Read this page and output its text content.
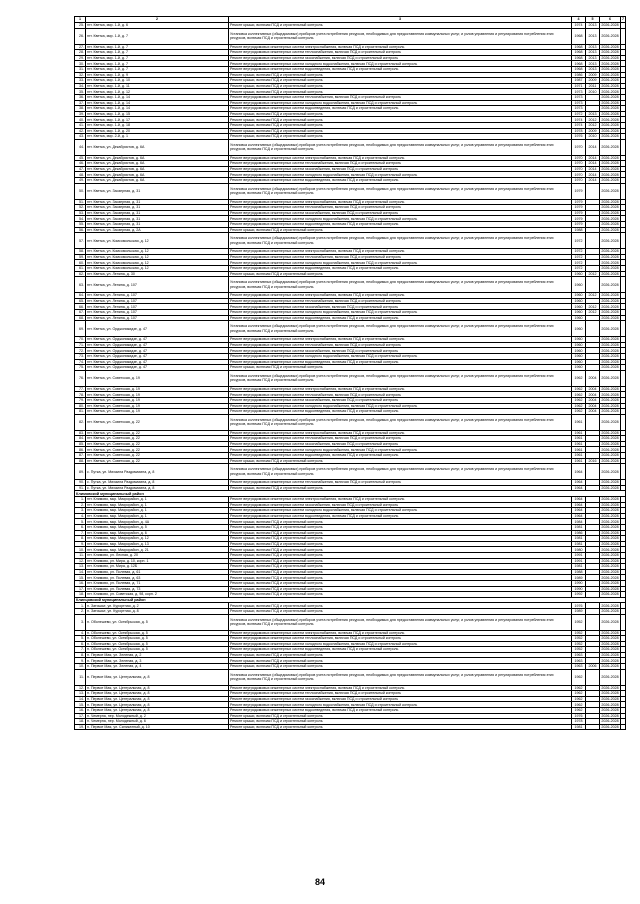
1	2	3	4	5	6	7
25.	пгт. Кветка, мкр. 1-й, д. 6	Ремонт крыши, включая ПСД и строительный контроль	1974	2013	2026-2028	
26.	пгт. Кветка, мкр. 1-й, д. 7	Установка коллективных (общедомовых) приборов учета потребления ресурсов, необходимых для предоставления коммунальных услуг, и узлов управления и регулирования потребления этих ресурсов, включая ПСД и строительный контроль	1968	2013	2026-2028	
27.	пгт. Кветка, мкр. 1-й, д. 7	Ремонт внутридомовых инженерных систем электроснабжения, включая ПСД и строительный контроль	1968	2013	2026-2028	
28.	пгт. Кветка, мкр. 1-й, д. 7	Ремонт внутридомовых инженерных систем теплоснабжения, включая ПСД и строительный контроль	1968	2013	2026-2028	
29.	пгт. Кветка, мкр. 1-й, д. 7	Ремонт внутридомовых инженерных систем газоснабжения, включая ПСД и строительный контроль	1968	2013	2026-2028	
30.	пгт. Кветка, мкр. 1-й, д. 7	Ремонт внутридомовых инженерных систем холодного водоснабжения, включая ПСД и строительный контроль	1968	2013	2026-2028	
31.	пгт. Кветка, мкр. 1-й, д. 7	Ремонт внутридомовых инженерных систем водоотведения, включая ПСД и строительный контроль	1968	2013	2026-2028	
32.	пгт. Кветка, мкр. 1-й, д. 9	Ремонт крыши, включая ПСД и строительный контроль	1986	2009	2026-2028	
33.	пгт. Кветка, мкр. 1-й, д. 10	Ремонт крыши, включая ПСД и строительный контроль	1987	2009	2026-2028	
34.	пгт. Кветка, мкр. 1-й, д. 11	Ремонт крыши, включая ПСД и строительный контроль	1971	2011	2026-2028	
35.	пгт. Кветка, мкр. 1-й, д. 12	Ремонт крыши, включая ПСД и строительный контроль	1973	2010	2026-2028	
36.	пгт. Кветка, мкр. 1-й, д. 14	Ремонт внутридомовых инженерных систем теплоснабжения, включая ПСД и строительный контроль	1973		2026-2028	
37.	пгт. Кветка, мкр. 1-й, д. 14	Ремонт внутридомовых инженерных систем холодного водоснабжения, включая ПСД и строительный контроль	1973		2026-2028	
38.	пгт. Кветка, мкр. 1-й, д. 14	Ремонт внутридомовых инженерных систем водоотведения, включая ПСД и строительный контроль	1973		2026-2028	
39.	пгт. Кветка, мкр. 1-й, д. 15	Ремонт крыши, включая ПСД и строительный контроль	1972	2013	2026-2028	
40.	пгт. Кветка, мкр. 1-й, д. 17	Ремонт крыши, включая ПСД и строительный контроль	1974	2012	2026-2028	
41.	пгт. Кветка, мкр. 1-й, д. 18	Ремонт крыши, включая ПСД и строительный контроль	1974	2012	2026-2028	
42.	пгт. Кветка, мкр. 1-й, д. 20	Ремонт крыши, включая ПСД и строительный контроль	1978	2009	2026-2028	
43.	пгт. Кветка, мкр. 2-й, д. 1	Ремонт крыши, включая ПСД и строительный контроль	1976	2010	2026-2028	
44.	пгт. Кветка, ул. Декабристов, д. 6А	Установка коллективных (общедомовых) приборов учета потребления ресурсов, необходимых для предоставления коммунальных услуг, и узлов управления и регулирования потребления этих ресурсов, включая ПСД и строительный контроль	1970	2014	2026-2028	
45.	пгт. Кветка, ул. Декабристов, д. 6А	Ремонт внутридомовых инженерных систем электроснабжения, включая ПСД и строительный контроль	1970	2014	2026-2028	
46.	пгт. Кветка, ул. Декабристов, д. 6А	Ремонт внутридомовых инженерных систем теплоснабжения, включая ПСД и строительный контроль	1970	2014	2026-2028	
47.	пгт. Кветка, ул. Декабристов, д. 6А	Ремонт внутридомовых инженерных систем газоснабжения, включая ПСД и строительный контроль	1970	2014	2026-2028	
48.	пгт. Кветка, ул. Декабристов, д. 6А	Ремонт внутридомовых инженерных систем холодного водоснабжения, включая ПСД и строительный контроль	1970	2014	2026-2028	
49.	пгт. Кветка, ул. Декабристов, д. 6А	Ремонт внутридомовых инженерных систем водоотведения, включая ПСД и строительный контроль	1970	2014	2026-2028	
50.	пгт. Кветка, ул. Заозерная, д. 31	Установка коллективных (общедомовых) приборов учета потребления ресурсов, необходимых для предоставления коммунальных услуг, и узлов управления и регулирования потребления этих ресурсов, включая ПСД и строительный контроль	1979		2026-2028	
51.	пгт. Кветка, ул. Заозерная, д. 31	Ремонт внутридомовых инженерных систем электроснабжения, включая ПСД и строительный контроль	1979		2026-2028	
52.	пгт. Кветка, ул. Заозерная, д. 31	Ремонт внутридомовых инженерных систем теплоснабжения, включая ПСД и строительный контроль	1979		2026-2028	
53.	пгт. Кветка, ул. Заозерная, д. 31	Ремонт внутридомовых инженерных систем газоснабжения, включая ПСД и строительный контроль	1979		2026-2028	
54.	пгт. Кветка, ул. Заозерная, д. 31	Ремонт внутридомовых инженерных систем холодного водоснабжения, включая ПСД и строительный контроль	1979		2026-2028	
55.	пгт. Кветка, ул. Заозерная, д. 31	Ремонт внутридомовых инженерных систем водоотведения, включая ПСД и строительный контроль	1979		2026-2028	
56.	пгт. Кветка, ул. Заозерная, д. 2А	Ремонт крыши, включая ПСД и строительный контроль	1988		2026-2028	
57.	пгт. Кветка, ул. Комсомольская, д. 12	Установка коллективных (общедомовых) приборов учета потребления ресурсов, необходимых для предоставления коммунальных услуг, и узлов управления и регулирования потребления этих ресурсов, включая ПСД и строительный контроль	1972		2026-2028	
58.	пгт. Кветка, ул. Комсомольская, д. 12	Ремонт внутридомовых инженерных систем электроснабжения, включая ПСД и строительный контроль	1972		2026-2028	
59.	пгт. Кветка, ул. Комсомольская, д. 12	Ремонт внутридомовых инженерных систем теплоснабжения, включая ПСД и строительный контроль	1972		2026-2028	
60.	пгт. Кветка, ул. Комсомольская, д. 12	Ремонт внутридомовых инженерных систем холодного водоснабжения, включая ПСД и строительный контроль	1972		2026-2028	
61.	пгт. Кветка, ул. Комсомольская, д. 12	Ремонт внутридомовых инженерных систем водоотведения, включая ПСД и строительный контроль	1972		2026-2028	
62.	пгт. Кветка, ул. Ленина, д. 30	Ремонт крыши, включая ПСД и строительный контроль	1960	2012	2026-2028	
63.	пгт. Кветка, ул. Ленина, д. 107	Установка коллективных (общедомовых) приборов учета потребления ресурсов, необходимых для предоставления коммунальных услуг, и узлов управления и регулирования потребления этих ресурсов, включая ПСД и строительный контроль	1960		2026-2028	
64.	пгт. Кветка, ул. Ленина, д. 107	Ремонт внутридомовых инженерных систем электроснабжения, включая ПСД и строительный контроль	1960	2012	2026-2028	
65.	пгт. Кветка, ул. Ленина, д. 107	Ремонт внутридомовых инженерных систем теплоснабжения, включая ПСД и строительный контроль	1960		2026-2028	
66.	пгт. Кветка, ул. Ленина, д. 107	Ремонт внутридомовых инженерных систем газоснабжения, включая ПСД и строительный контроль	1960	2012	2026-2028	
67.	пгт. Кветка, ул. Ленина, д. 107	Ремонт внутридомовых инженерных систем холодного водоснабжения, включая ПСД и строительный контроль	1960	2012	2026-2028	
68.	пгт. Кветка, ул. Ленина, д. 107	Ремонт внутридомовых инженерных систем водоотведения, включая ПСД и строительный контроль	1960		2026-2028	
69.	пгт. Кветка, ул. Орджоникидзе, д. 47	Установка коллективных (общедомовых) приборов учета потребления ресурсов, необходимых для предоставления коммунальных услуг, и узлов управления и регулирования потребления этих ресурсов, включая ПСД и строительный контроль	1960		2026-2028	
70.	пгт. Кветка, ул. Орджоникидзе, д. 47	Ремонт внутридомовых инженерных систем электроснабжения, включая ПСД и строительный контроль	1960		2026-2028	
71.	пгт. Кветка, ул. Орджоникидзе, д. 47	Ремонт внутридомовых инженерных систем теплоснабжения, включая ПСД и строительный контроль	1960		2026-2028	
72.	пгт. Кветка, ул. Орджоникидзе, д. 47	Ремонт внутридомовых инженерных систем газоснабжения, включая ПСД и строительный контроль	1960		2026-2028	
73.	пгт. Кветка, ул. Орджоникидзе, д. 47	Ремонт внутридомовых инженерных систем холодного водоснабжения, включая ПСД и строительный контроль	1960		2026-2028	
74.	пгт. Кветка, ул. Орджоникидзе, д. 47	Ремонт внутридомовых инженерных систем водоотведения, включая ПСД и строительный контроль	1960		2026-2028	
75.	пгт. Кветка, ул. Орджоникидзе, д. 47	Ремонт крыши, включая ПСД и строительный контроль	1960		2026-2028	
76.	пгт. Кветка, ул. Советская, д. 19	Установка коллективных (общедомовых) приборов учета потребления ресурсов, необходимых для предоставления коммунальных услуг, и узлов управления и регулирования потребления этих ресурсов, включая ПСД и строительный контроль	1962	2004	2026-2028	
77.	пгт. Кветка, ул. Советская, д. 19	Ремонт внутридомовых инженерных систем электроснабжения, включая ПСД и строительный контроль	1962	2004	2026-2028	
78.	пгт. Кветка, ул. Советская, д. 19	Ремонт внутридомовых инженерных систем теплоснабжения, включая ПСД и строительный контроль	1962	2004	2026-2028	
79.	пгт. Кветка, ул. Советская, д. 19	Ремонт внутридомовых инженерных систем газоснабжения, включая ПСД и строительный контроль	1962	2004	2026-2028	
80.	пгт. Кветка, ул. Советская, д. 19	Ремонт внутридомовых инженерных систем холодного водоснабжения, включая ПСД и строительный контроль	1962	2004	2026-2028	
81.	пгт. Кветка, ул. Советская, д. 19	Ремонт внутридомовых инженерных систем водоотведения, включая ПСД и строительный контроль	1962	2004	2026-2028	
82.	пгт. Кветка, ул. Советская, д. 22	Установка коллективных (общедомовых) приборов учета потребления ресурсов, необходимых для предоставления коммунальных услуг, и узлов управления и регулирования потребления этих ресурсов, включая ПСД и строительный контроль	1961		2026-2028	
83.	пгт. Кветка, ул. Советская, д. 22	Ремонт внутридомовых инженерных систем электроснабжения, включая ПСД и строительный контроль	1961		2026-2028	
84.	пгт. Кветка, ул. Советская, д. 22	Ремонт внутридомовых инженерных систем теплоснабжения, включая ПСД и строительный контроль	1961		2026-2028	
85.	пгт. Кветка, ул. Советская, д. 22	Ремонт внутридомовых инженерных систем газоснабжения, включая ПСД и строительный контроль	1961		2026-2028	
86.	пгт. Кветка, ул. Советская, д. 22	Ремонт внутридомовых инженерных систем холодного водоснабжения, включая ПСД и строительный контроль	1961		2026-2028	
87.	пгт. Кветка, ул. Советская, д. 22	Ремонт внутридомовых инженерных систем водоотведения, включая ПСД и строительный контроль	1961		2026-2028	
88.	пгт. Кветка, ул. Советская, д. 22	Ремонт крыши, включая ПСД и строительный контроль	1961	2016	2026-2028	
89.	с. Путка, ул. Михаила Раздомахина, д. 8	Установка коллективных (общедомовых) приборов учета потребления ресурсов, необходимых для предоставления коммунальных услуг, и узлов управления и регулирования потребления этих ресурсов, включая ПСД и строительный контроль	1964		2026-2028	
90.	с. Путка, ул. Михаила Раздомахина, д. 8	Ремонт внутридомовых инженерных систем теплоснабжения, включая ПСД и строительный контроль	1964		2026-2028	
91.	с. Путка, ул. Михаила Раздомахина, д. 8	Ремонт крыши, включая ПСД и строительный контроль	1964		2026-2028	
Климовский муниципальный район						
1.	пгт. Климово, мкр. Микрорайон, д. 1	Ремонт внутридомовых инженерных систем электроснабжения, включая ПСД и строительный контроль	1964		2026-2028	
2.	пгт. Климово, мкр. Микрорайон, д. 1	Ремонт внутридомовых инженерных систем газоснабжения, включая ПСД и строительный контроль	1964		2026-2028	
3.	пгт. Климово, мкр. Микрорайон, д. 1	Ремонт внутридомовых инженерных систем холодного водоснабжения, включая ПСД и строительный контроль	1964		2026-2028	
4.	пгт. Климово, мкр. Микрорайон, д. 1	Ремонт внутридомовых инженерных систем водоотведения, включая ПСД и строительный контроль	1964		2026-2028	
5.	пгт. Климово, мкр. Микрорайон, д. 4А	Ремонт крыши, включая ПСД и строительный контроль	1984		2026-2028	
6.	пгт. Климово, мкр. Микрорайон, д. 5	Ремонт крыши, включая ПСД и строительный контроль	1981		2026-2028	
7.	пгт. Климово, мкр. Микрорайон, д. 6	Ремонт крыши, включая ПСД и строительный контроль	1986		2026-2028	
8.	пгт. Климово, мкр. Микрорайон, д. 12	Ремонт крыши, включая ПСД и строительный контроль	1981		2026-2028	
9.	пгт. Климово, мкр. Микрорайон, д. 13	Ремонт крыши, включая ПСД и строительный контроль	1981		2026-2028	
10.	пгт. Климово, мкр. Микрорайон, д. 21	Ремонт крыши, включая ПСД и строительный контроль	1980		2026-2028	
11.	пгт. Климово, ул. Лесная, д. 20	Ремонт крыши, включая ПСД и строительный контроль	1991		2026-2028	
12.	пгт. Климово, ул. Мира, д. 10, корп. 1	Ремонт крыши, включая ПСД и строительный контроль	1991		2026-2028	
13.	пгт. Климово, ул. Мира, д. 12Б	Ремонт крыши, включая ПСД и строительный контроль	1981		2026-2028	
14.	пгт. Климово, ул. Полевая, д. 61	Ремонт крыши, включая ПСД и строительный контроль	1988		2026-2028	
15.	пгт. Климово, ул. Полевая, д. 63	Ремонт крыши, включая ПСД и строительный контроль	1989		2026-2028	
16.	пгт. Климово, ул. Полевая, д. 71	Ремонт крыши, включая ПСД и строительный контроль	1990		2026-2028	
17.	пгт. Климово, ул. Полевая, д. 73	Ремонт крыши, включая ПСД и строительный контроль	1990		2026-2028	
18.	пгт. Климово, ул. Советская, д. 98, корп. 2	Ремонт крыши, включая ПСД и строительный контроль	1992		2026-2028	
Клинцовский муниципальный район						
1.	п. Затишье, ул. Курортная, д. 2	Ремонт крыши, включая ПСД и строительный контроль	1976		2026-2028	
2.	п. Затишье, ул. Курортная, д. 8	Ремонт крыши, включая ПСД и строительный контроль	1989		2026-2028	
3.	п. Оболешево, ул. Октябрьская, д. 5	Установка коллективных (общедомовых) приборов учета потребления ресурсов, необходимых для предоставления коммунальных услуг, и узлов управления и регулирования потребления этих ресурсов, включая ПСД и строительный контроль	1952		2026-2028	
4.	п. Оболешево, ул. Октябрьская, д. 5	Ремонт внутридомовых инженерных систем электроснабжения, включая ПСД и строительный контроль	1952		2026-2028	
5.	п. Оболешево, ул. Октябрьская, д. 5	Ремонт внутридомовых инженерных систем теплоснабжения, включая ПСД и строительный контроль	1952		2026-2028	
6.	п. Оболешево, ул. Октябрьская, д. 5	Ремонт внутридомовых инженерных систем холодного водоснабжения, включая ПСД и строительный контроль	1952		2026-2028	
7.	п. Оболешево, ул. Октябрьская, д. 5	Ремонт внутридомовых инженерных систем водоотведения, включая ПСД и строительный контроль	1952		2026-2028	
8.	п. Первое Мая, ул. Зеленая, д. 2	Ремонт крыши, включая ПСД и строительный контроль	1963		2026-2028	
9.	п. Первое Мая, ул. Зеленая, д. 3	Ремонт крыши, включая ПСД и строительный контроль	1963		2026-2028	
10.	п. Первое Мая, ул. Зеленая, д. 4	Ремонт крыши, включая ПСД и строительный контроль	1963	2006	2026-2028	
11.	п. Первое Мая, ул. Центральная, д. 8	Установка коллективных (общедомовых) приборов учета потребления ресурсов, необходимых для предоставления коммунальных услуг, и узлов управления и регулирования потребления этих ресурсов, включая ПСД и строительный контроль	1962		2026-2028	
12.	п. Первое Мая, ул. Центральная, д. 8	Ремонт внутридомовых инженерных систем электроснабжения, включая ПСД и строительный контроль	1962		2026-2028	
13.	п. Первое Мая, ул. Центральная, д. 8	Ремонт внутридомовых инженерных систем теплоснабжения, включая ПСД и строительный контроль	1962		2026-2028	
14.	п. Первое Мая, ул. Центральная, д. 8	Ремонт внутридомовых инженерных систем газоснабжения, включая ПСД и строительный контроль	1962		2026-2028	
15.	п. Первое Мая, ул. Центральная, д. 8	Ремонт внутридомовых инженерных систем холодного водоснабжения, включая ПСД и строительный контроль	1962		2026-2028	
16.	п. Первое Мая, ул. Центральная, д. 8	Ремонт внутридомовых инженерных систем водоотведения, включая ПСД и строительный контроль	1962		2026-2028	
17.	п. Чемерна, пер. Молодежный, д. 2	Ремонт крыши, включая ПСД и строительный контроль	1976		2026-2028	
18.	п. Чемерна, пер. Молодежный, д. 6	Ремонт крыши, включая ПСД и строительный контроль	1978		2026-2028	
19.	п. Первое Мая, ул. Силикатный, д. 10	Ремонт крыши, включая ПСД и строительный контроль	1981		2026-2028	
84
